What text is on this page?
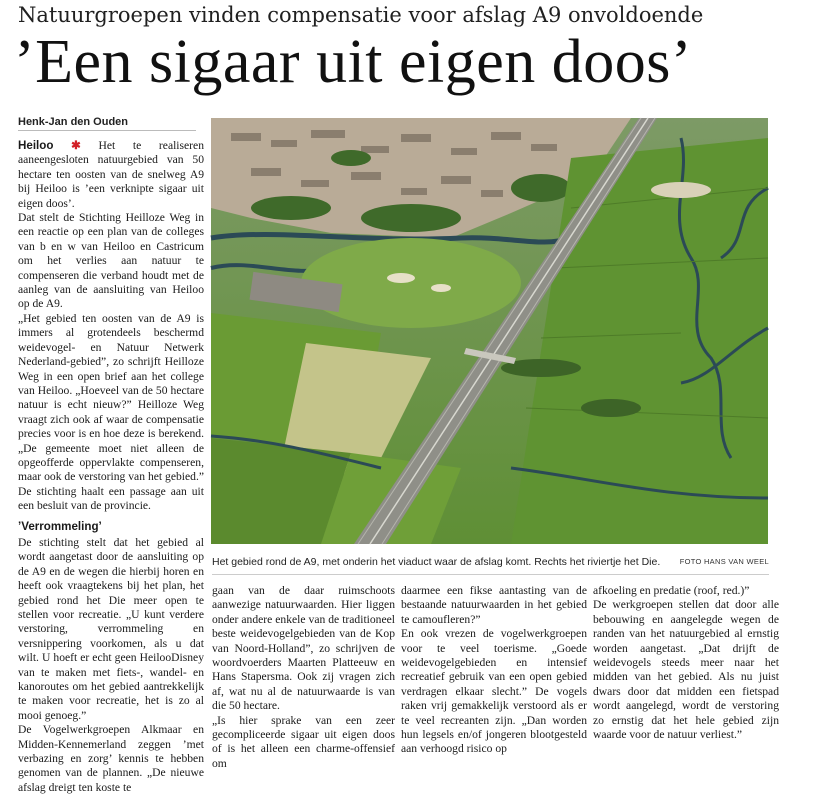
Natuurgroepen vinden compensatie voor afslag A9 onvoldoende
’Een sigaar uit eigen doos’
Henk-Jan den Ouden

Heiloo ✱ Het te realiseren aaneengesloten natuurgebied van 50 hectare ten oosten van de snelweg A9 bij Heiloo is ’een verknipte sigaar uit eigen doos’.

Dat stelt de Stichting Heilloze Weg in een reactie op een plan van de colleges van b en w van Heiloo en Castricum om het verlies aan natuur te compenseren die verband houdt met de aanleg van de aansluiting van Heiloo op de A9.

„Het gebied ten oosten van de A9 is immers al grotendeels beschermd weidevogel- en Natuur Netwerk Nederland-gebied”, zo schrijft Heilloze Weg in een open brief aan het college van Heiloo. „Hoeveel van de 50 hectare natuur is echt nieuw?” Heilloze Weg vraagt zich ook af waar de compensatie precies voor is en hoe deze is berekend. „De gemeente moet niet alleen de opgeofferde oppervlakte compenseren, maar ook de verstoring van het gebied.” De stichting haalt een passage aan uit een besluit van de provincie.

’Verrommeling’

De stichting stelt dat het gebied al wordt aangetast door de aansluiting op de A9 en de wegen die hierbij horen en heeft ook vraagtekens bij het plan, het gebied rond het Die meer open te stellen voor recreatie. „U kunt verdere verstoring, verrommeling en versnippering voorkomen, als u dat wilt. U hoeft er echt geen HeilooDisney van te maken met fiets-, wandel- en kanoroutes om het gebied aantrekkelijk te maken voor recreatie, het is zo al mooi genoeg.”

De Vogelwerkgroepen Alkmaar en Midden-Kennemerland zeggen ’met verbazing en zorg’ kennis te hebben genomen van de plannen. „De nieuwe afslag dreigt ten koste te

Het gebied rond de A9, met onderin het viaduct waar de afslag komt. Rechts het riviertje het Die.	FOTO HANS VAN WEEL

gaan van de daar ruimschoots aanwezige natuurwaarden. Hier liggen onder andere enkele van de traditioneel beste weidevogelgebieden van de Kop van Noord-Holland”, zo schrijven de woordvoerders Maarten Platteeuw en Hans Stapersma. Ook zij vragen zich af, wat nu al de natuurwaarde is van die 50 hectare.

„Is hier sprake van een zeer gecompliceerde sigaar uit eigen doos of is het alleen een charme-offensief om

daarmee een fikse aantasting van de bestaande natuurwaarden in het gebied te camoufleren?”

En ook vrezen de vogelwerkgroepen voor te veel toerisme. „Goede weidevogelgebieden en intensief recreatief gebruik van een open gebied verdragen elkaar slecht.” De vogels raken vrij gemakkelijk verstoord als er te veel recreanten zijn. „Dan worden hun legsels en/of jongeren blootgesteld aan verhoogd risico op

afkoeling en predatie (roof, red.)”

De werkgroepen stellen dat door alle bebouwing en aangelegde wegen de randen van het natuurgebied al ernstig worden aangetast. „Dat drijft de weidevogels steeds meer naar het midden van het gebied. Als nu juist dwars door dat midden een fietspad wordt aangelegd, wordt de verstoring zo ernstig dat het hele gebied zijn waarde voor de natuur verliest.”
